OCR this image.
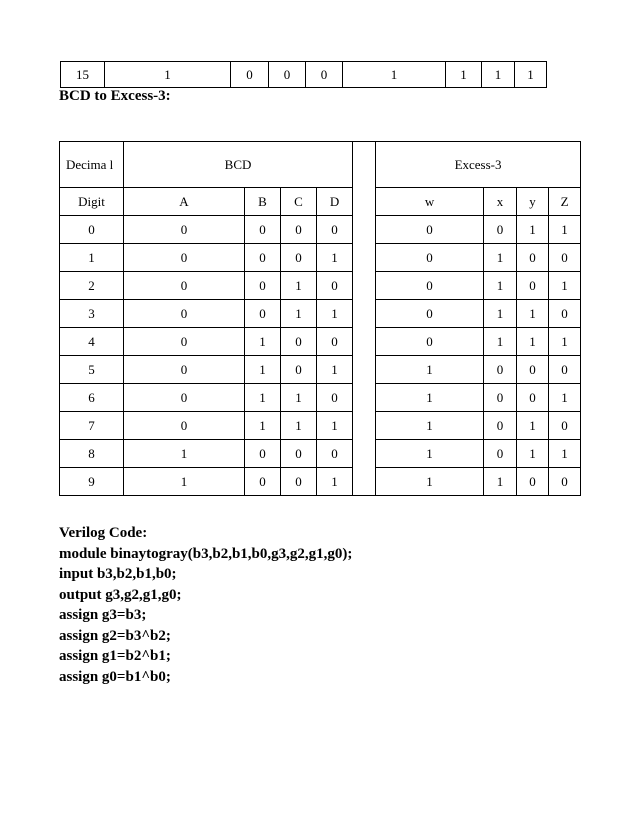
15	1	0	0	0	1	1	1	1
BCD to Excess-3:
Decima l	BCD					Excess-3			
Digit	A	B	C	D		w	x	y	Z
0	0	0	0	0		0	0	1	1
1	0	0	0	1		0	1	0	0
2	0	0	1	0		0	1	0	1
3	0	0	1	1		0	1	1	0
4	0	1	0	0		0	1	1	1
5	0	1	0	1		1	0	0	0
6	0	1	1	0		1	0	0	1
7	0	1	1	1		1	0	1	0
8	1	0	0	0		1	0	1	1
9	1	0	0	1		1	1	0	0
Verilog Code:
module binaytogray(b3,b2,b1,b0,g3,g2,g1,g0);
input b3,b2,b1,b0;
output g3,g2,g1,g0;
assign g3=b3;
assign g2=b3^b2;
assign g1=b2^b1;
assign g0=b1^b0;
